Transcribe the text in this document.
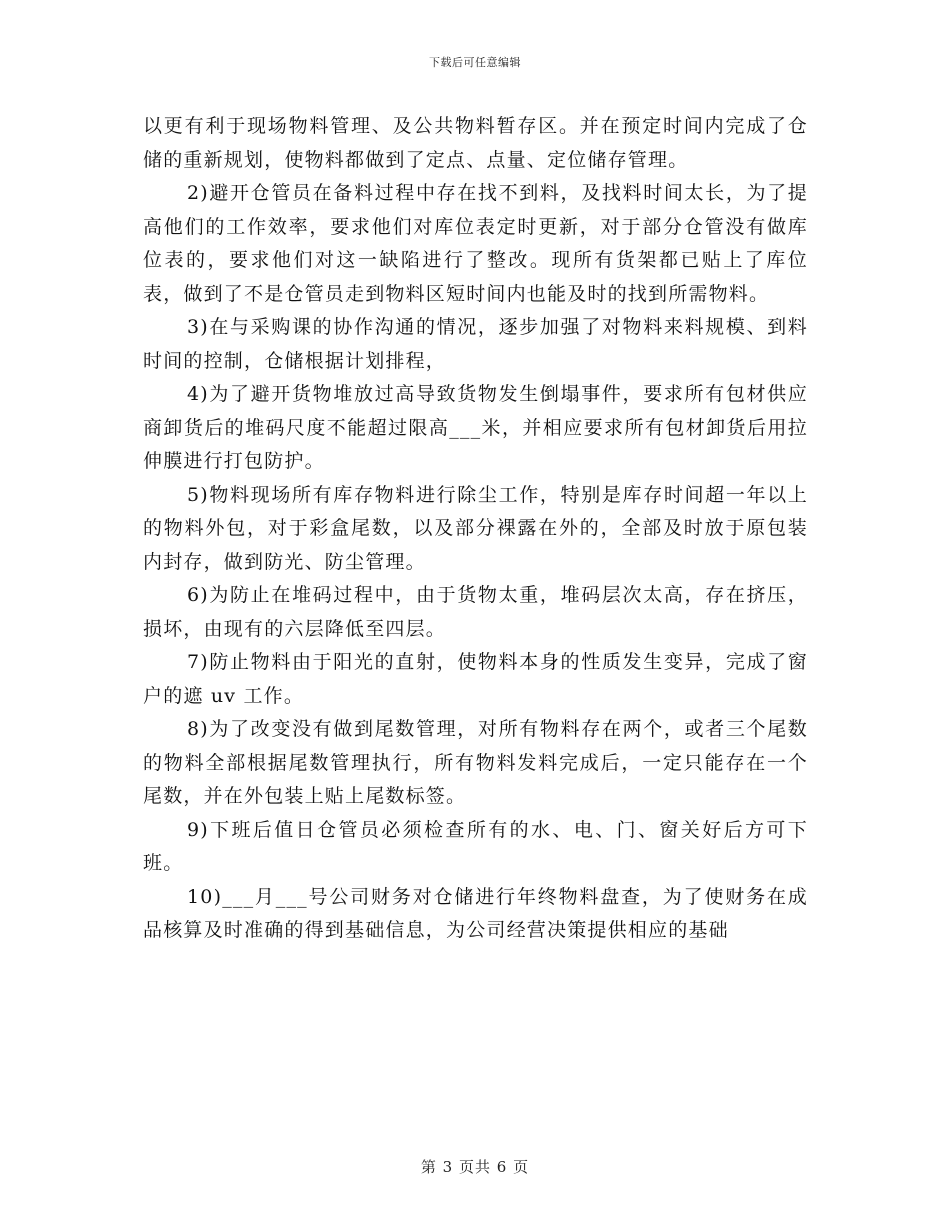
下载后可任意编辑

以更有利于现场物料管理、及公共物料暂存区。并在预定时间内完成了仓储的重新规划，使物料都做到了定点、点量、定位储存管理。

2)避开仓管员在备料过程中存在找不到料，及找料时间太长，为了提高他们的工作效率，要求他们对库位表定时更新，对于部分仓管没有做库位表的，要求他们对这一缺陷进行了整改。现所有货架都已贴上了库位表，做到了不是仓管员走到物料区短时间内也能及时的找到所需物料。

3)在与采购课的协作沟通的情况，逐步加强了对物料来料规模、到料时间的控制，仓储根据计划排程，

4)为了避开货物堆放过高导致货物发生倒塌事件，要求所有包材供应商卸货后的堆码尺度不能超过限高___米，并相应要求所有包材卸货后用拉伸膜进行打包防护。

5)物料现场所有库存物料进行除尘工作，特别是库存时间超一年以上的物料外包，对于彩盒尾数，以及部分裸露在外的，全部及时放于原包装内封存，做到防光、防尘管理。

6)为防止在堆码过程中，由于货物太重，堆码层次太高，存在挤压，损坏，由现有的六层降低至四层。

7)防止物料由于阳光的直射，使物料本身的性质发生变异，完成了窗户的遮 uv 工作。

8)为了改变没有做到尾数管理，对所有物料存在两个，或者三个尾数的物料全部根据尾数管理执行，所有物料发料完成后，一定只能存在一个尾数，并在外包装上贴上尾数标签。

9)下班后值日仓管员必须检查所有的水、电、门、窗关好后方可下班。

10)___月___号公司财务对仓储进行年终物料盘查，为了使财务在成品核算及时准确的得到基础信息，为公司经营决策提供相应的基础

第 3 页共 6 页
